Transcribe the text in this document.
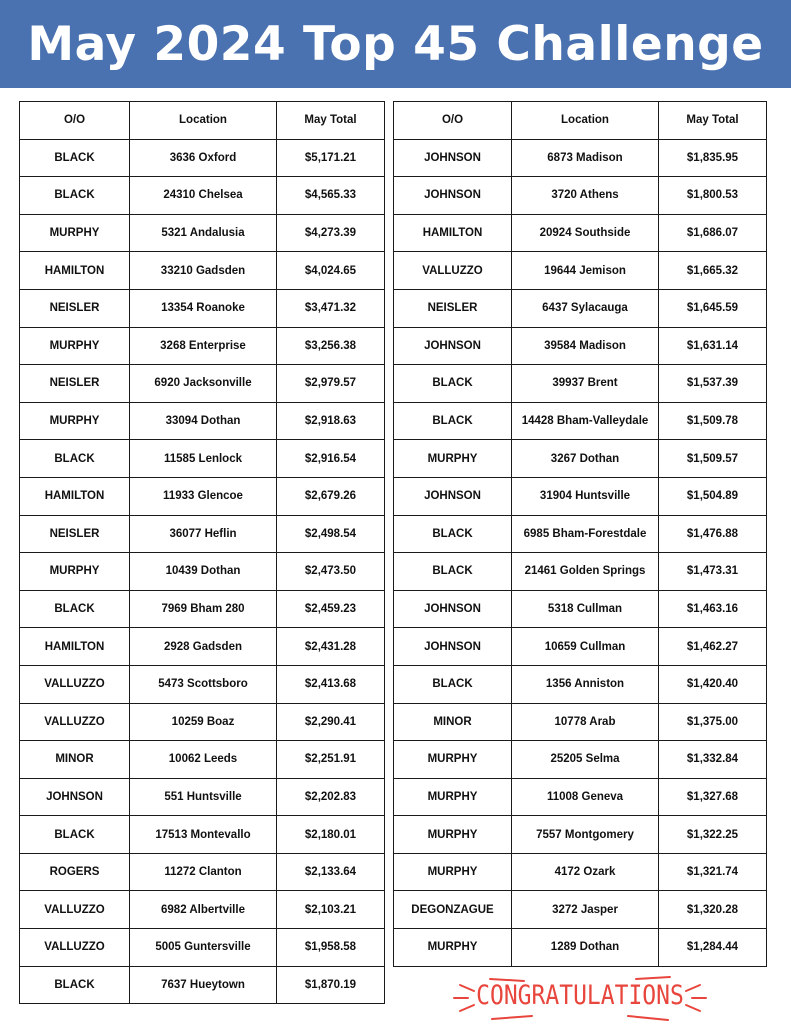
May 2024 Top 45 Challenge
O/O	Location	May Total
BLACK	3636 Oxford	$5,171.21
BLACK	24310 Chelsea	$4,565.33
MURPHY	5321 Andalusia	$4,273.39
HAMILTON	33210 Gadsden	$4,024.65
NEISLER	13354 Roanoke	$3,471.32
MURPHY	3268 Enterprise	$3,256.38
NEISLER	6920 Jacksonville	$2,979.57
MURPHY	33094 Dothan	$2,918.63
BLACK	11585 Lenlock	$2,916.54
HAMILTON	11933 Glencoe	$2,679.26
NEISLER	36077 Heflin	$2,498.54
MURPHY	10439 Dothan	$2,473.50
BLACK	7969 Bham 280	$2,459.23
HAMILTON	2928 Gadsden	$2,431.28
VALLUZZO	5473 Scottsboro	$2,413.68
VALLUZZO	10259 Boaz	$2,290.41
MINOR	10062 Leeds	$2,251.91
JOHNSON	551 Huntsville	$2,202.83
BLACK	17513 Montevallo	$2,180.01
ROGERS	11272 Clanton	$2,133.64
VALLUZZO	6982 Albertville	$2,103.21
VALLUZZO	5005 Guntersville	$1,958.58
BLACK	7637 Hueytown	$1,870.19
O/O	Location	May Total
JOHNSON	6873 Madison	$1,835.95
JOHNSON	3720 Athens	$1,800.53
HAMILTON	20924 Southside	$1,686.07
VALLUZZO	19644 Jemison	$1,665.32
NEISLER	6437 Sylacauga	$1,645.59
JOHNSON	39584 Madison	$1,631.14
BLACK	39937 Brent	$1,537.39
BLACK	14428 Bham-Valleydale	$1,509.78
MURPHY	3267 Dothan	$1,509.57
JOHNSON	31904 Huntsville	$1,504.89
BLACK	6985 Bham-Forestdale	$1,476.88
BLACK	21461 Golden Springs	$1,473.31
JOHNSON	5318 Cullman	$1,463.16
JOHNSON	10659 Cullman	$1,462.27
BLACK	1356 Anniston	$1,420.40
MINOR	10778 Arab	$1,375.00
MURPHY	25205 Selma	$1,332.84
MURPHY	11008 Geneva	$1,327.68
MURPHY	7557 Montgomery	$1,322.25
MURPHY	4172 Ozark	$1,321.74
DEGONZAGUE	3272 Jasper	$1,320.28
MURPHY	1289 Dothan	$1,284.44
CONGRATULATIONS
